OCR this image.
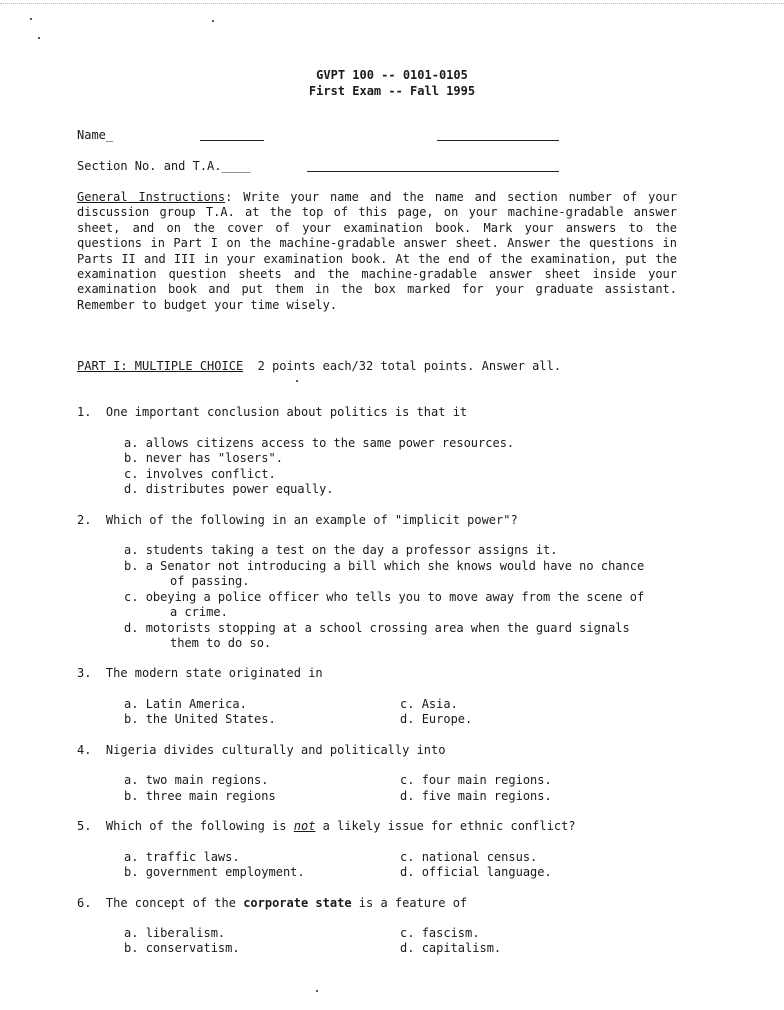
GVPT 100 -- 0101-0105
First Exam -- Fall 1995
Name_
Section No. and T.A.____
General Instructions: Write your name and the name and section number of your discussion group T.A. at the top of this page, on your machine-gradable answer sheet, and on the cover of your examination book. Mark your answers to the questions in Part I on the machine-gradable answer sheet. Answer the questions in Parts II and III in your examination book. At the end of the examination, put the examination question sheets and the machine-gradable answer sheet inside your examination book and put them in the box marked for your graduate assistant. Remember to budget your time wisely.
PART I: MULTIPLE CHOICE 2 points each/32 total points. Answer all.
1. One important conclusion about politics is that it
a. allows citizens access to the same power resources.
b. never has "losers".
c. involves conflict.
d. distributes power equally.
2. Which of the following in an example of "implicit power"?
a. students taking a test on the day a professor assigns it.
b. a Senator not introducing a bill which she knows would have no chance
of passing.
c. obeying a police officer who tells you to move away from the scene of
a crime.
d. motorists stopping at a school crossing area when the guard signals
them to do so.
3. The modern state originated in
a. Latin America.
b. the United States.
c. Asia.
d. Europe.
4. Nigeria divides culturally and politically into
a. two main regions.
b. three main regions
c. four main regions.
d. five main regions.
5. Which of the following is not a likely issue for ethnic conflict?
a. traffic laws.
b. government employment.
c. national census.
d. official language.
6. The concept of the corporate state is a feature of
a. liberalism.
b. conservatism.
c. fascism.
d. capitalism.
